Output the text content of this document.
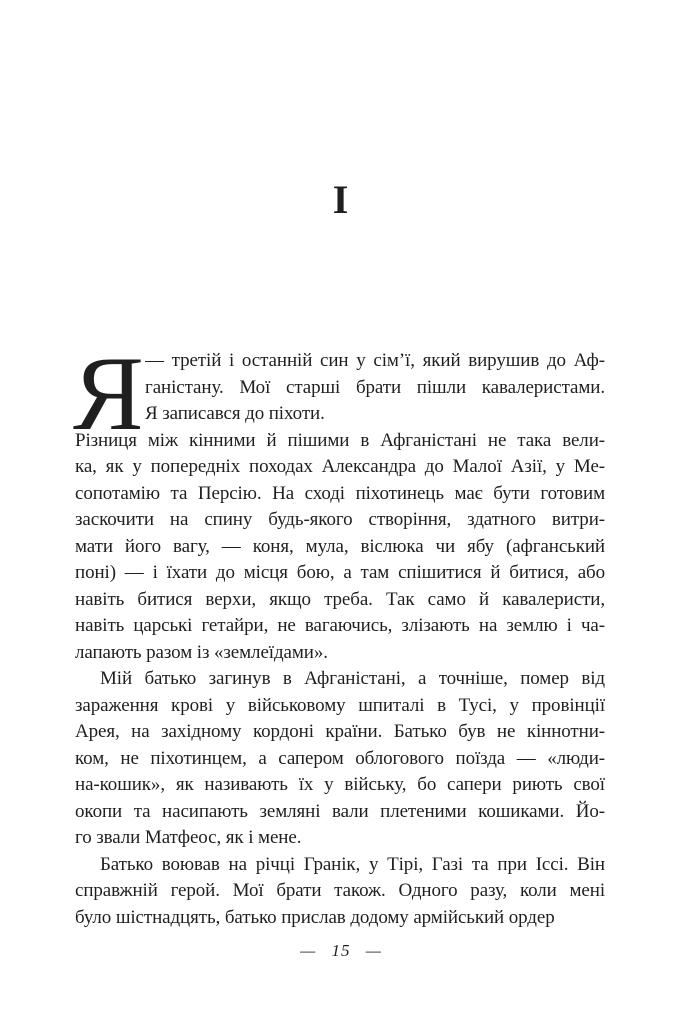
I
Я — третій і останній син у сім’ї, який вирушив до Аф-
ганістану. Мої старші брати пішли кавалеристами.
Я записався до піхоти.
Різниця між кінними й пішими в Афганістані не така вели-
ка, як у попередніх походах Александра до Малої Азії, у Ме-
сопотамію та Персію. На сході піхотинець має бути готовим
заскочити на спину будь-якого створіння, здатного витри-
мати його вагу, — коня, мула, віслюка чи ябу (афганський
поні) — і їхати до місця бою, а там спішитися й битися, або
навіть битися верхи, якщо треба. Так само й кавалеристи,
навіть царські гетайри, не вагаючись, злізають на землю і ча-
лапають разом із «землеїдами».
Мій батько загинув в Афганістані, а точніше, помер від
зараження крові у військовому шпиталі в Тусі, у провінції
Арея, на західному кордоні країни. Батько був не кіннотни-
ком, не піхотинцем, а сапером облогового поїзда — «люди-
на-кошик», як називають їх у війську, бо сапери риють свої
окопи та насипають земляні вали плетеними кошиками. Йо-
го звали Матфеос, як і мене.
Батько воював на річці Гранік, у Тірі, Газі та при Іссі. Він
справжній герой. Мої брати також. Одного разу, коли мені
було шістнадцять, батько прислав додому армійський ордер
— 15 —
